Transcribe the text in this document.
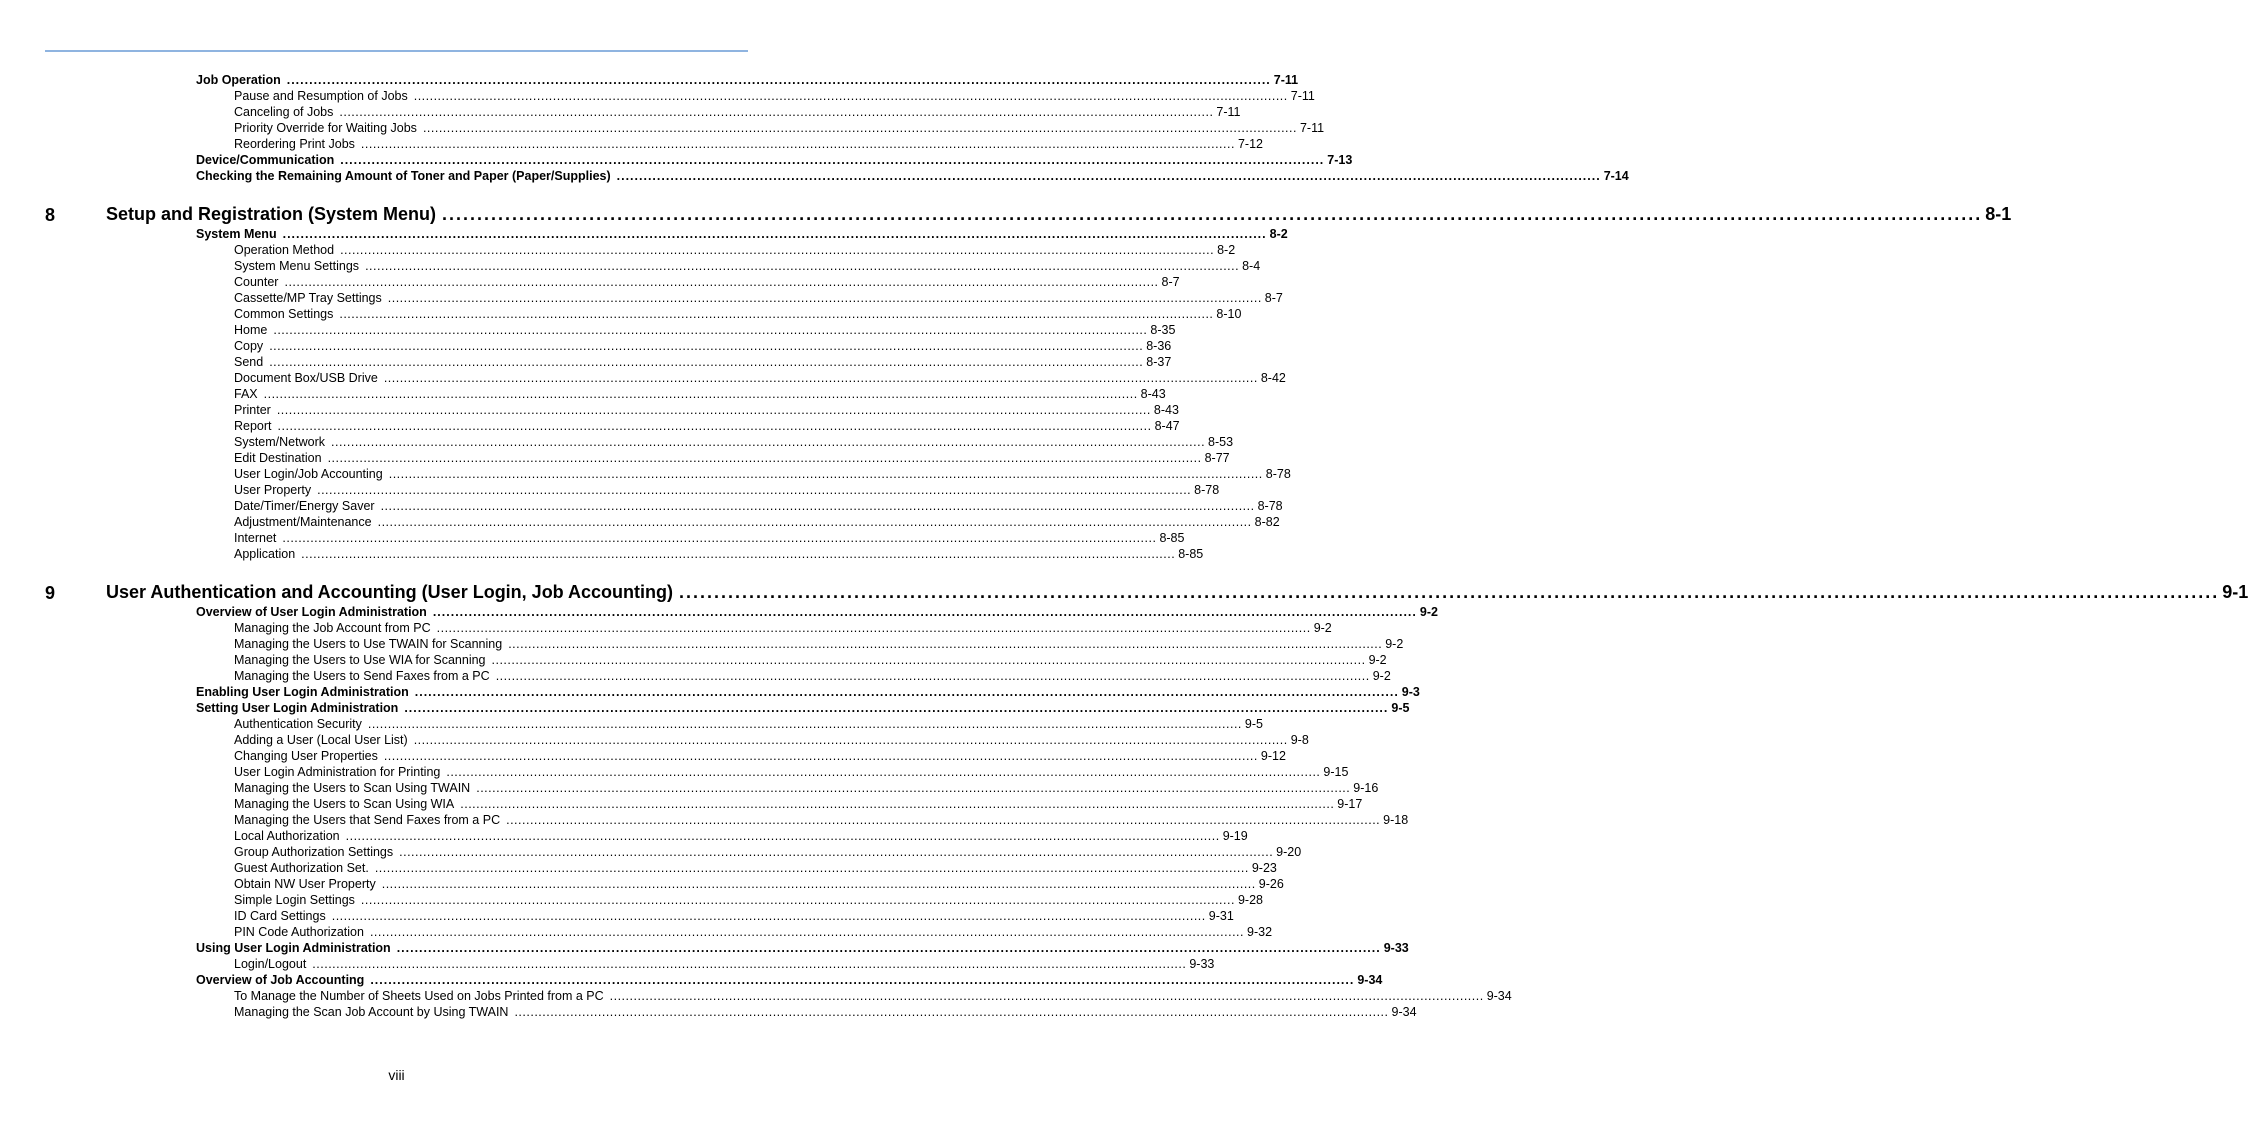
Job Operation ............................................................................................................................................................................................................................ 7-11
Pause and Resumption of Jobs ............................................................................................................................................................................................................................ 7-11
Canceling of Jobs ............................................................................................................................................................................................................................ 7-11
Priority Override for Waiting Jobs ............................................................................................................................................................................................................................ 7-11
Reordering Print Jobs ............................................................................................................................................................................................................................ 7-12
Device/Communication ............................................................................................................................................................................................................................ 7-13
Checking the Remaining Amount of Toner and Paper (Paper/Supplies) ............................................................................................................................................................................................................................ 7-14
8	Setup and Registration (System Menu) ............................................................................................................................................................................................................................ 8-1
System Menu ............................................................................................................................................................................................................................ 8-2
Operation Method ............................................................................................................................................................................................................................ 8-2
System Menu Settings ............................................................................................................................................................................................................................ 8-4
Counter ............................................................................................................................................................................................................................ 8-7
Cassette/MP Tray Settings ............................................................................................................................................................................................................................ 8-7
Common Settings ............................................................................................................................................................................................................................ 8-10
Home ............................................................................................................................................................................................................................ 8-35
Copy ............................................................................................................................................................................................................................ 8-36
Send ............................................................................................................................................................................................................................ 8-37
Document Box/USB Drive ............................................................................................................................................................................................................................ 8-42
FAX ............................................................................................................................................................................................................................ 8-43
Printer ............................................................................................................................................................................................................................ 8-43
Report ............................................................................................................................................................................................................................ 8-47
System/Network ............................................................................................................................................................................................................................ 8-53
Edit Destination ............................................................................................................................................................................................................................ 8-77
User Login/Job Accounting ............................................................................................................................................................................................................................ 8-78
User Property ............................................................................................................................................................................................................................ 8-78
Date/Timer/Energy Saver ............................................................................................................................................................................................................................ 8-78
Adjustment/Maintenance ............................................................................................................................................................................................................................ 8-82
Internet ............................................................................................................................................................................................................................ 8-85
Application ............................................................................................................................................................................................................................ 8-85
9	User Authentication and Accounting (User Login, Job Accounting) ............................................................................................................................................................................................................................ 9-1
Overview of User Login Administration ............................................................................................................................................................................................................................ 9-2
Managing the Job Account from PC ............................................................................................................................................................................................................................ 9-2
Managing the Users to Use TWAIN for Scanning ............................................................................................................................................................................................................................ 9-2
Managing the Users to Use WIA for Scanning ............................................................................................................................................................................................................................ 9-2
Managing the Users to Send Faxes from a PC ............................................................................................................................................................................................................................ 9-2
Enabling User Login Administration ............................................................................................................................................................................................................................ 9-3
Setting User Login Administration ............................................................................................................................................................................................................................ 9-5
Authentication Security ............................................................................................................................................................................................................................ 9-5
Adding a User (Local User List) ............................................................................................................................................................................................................................ 9-8
Changing User Properties ............................................................................................................................................................................................................................ 9-12
User Login Administration for Printing ............................................................................................................................................................................................................................ 9-15
Managing the Users to Scan Using TWAIN ............................................................................................................................................................................................................................ 9-16
Managing the Users to Scan Using WIA ............................................................................................................................................................................................................................ 9-17
Managing the Users that Send Faxes from a PC ............................................................................................................................................................................................................................ 9-18
Local Authorization ............................................................................................................................................................................................................................ 9-19
Group Authorization Settings ............................................................................................................................................................................................................................ 9-20
Guest Authorization Set. ............................................................................................................................................................................................................................ 9-23
Obtain NW User Property ............................................................................................................................................................................................................................ 9-26
Simple Login Settings ............................................................................................................................................................................................................................ 9-28
ID Card Settings ............................................................................................................................................................................................................................ 9-31
PIN Code Authorization ............................................................................................................................................................................................................................ 9-32
Using User Login Administration ............................................................................................................................................................................................................................ 9-33
Login/Logout ............................................................................................................................................................................................................................ 9-33
Overview of Job Accounting ............................................................................................................................................................................................................................ 9-34
To Manage the Number of Sheets Used on Jobs Printed from a PC ............................................................................................................................................................................................................................ 9-34
Managing the Scan Job Account by Using TWAIN ............................................................................................................................................................................................................................ 9-34
viii
